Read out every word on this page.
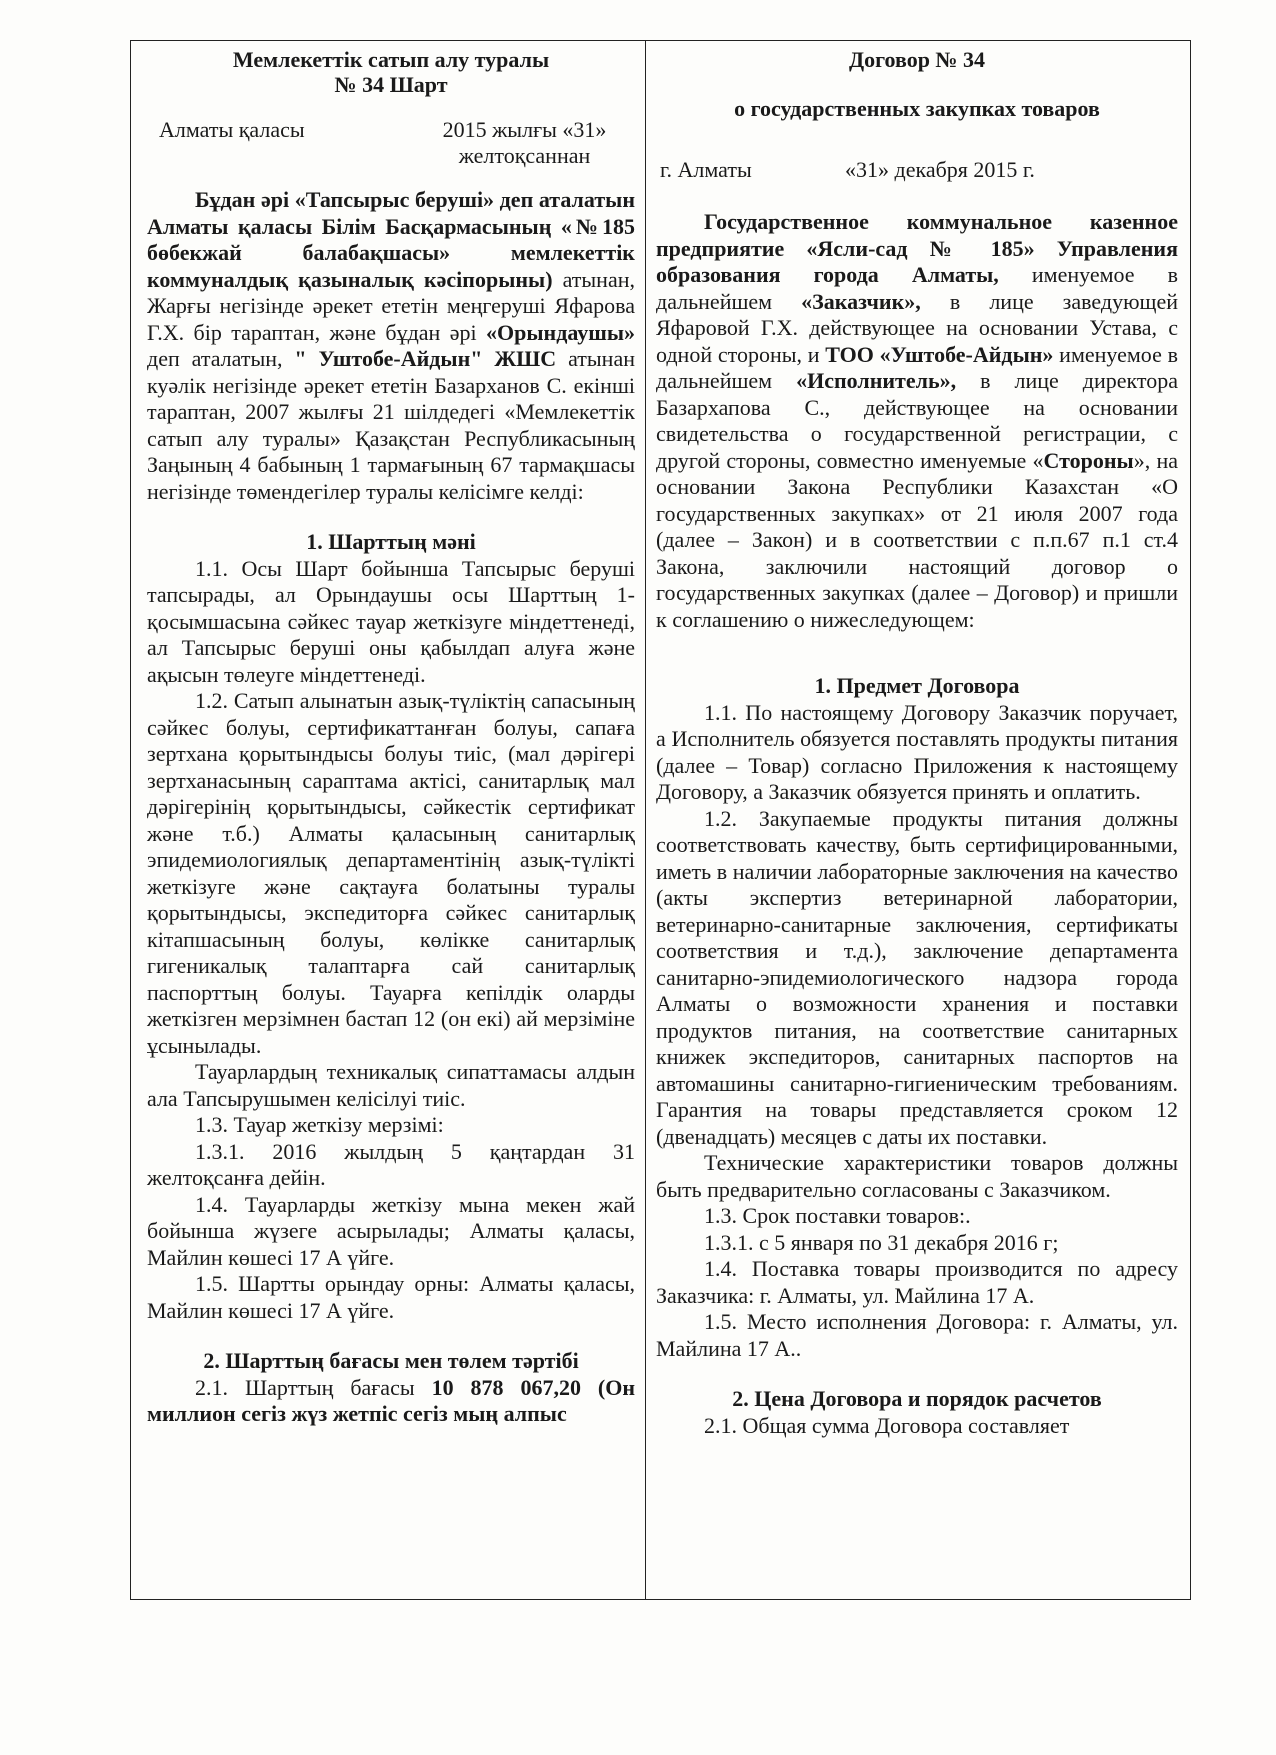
Мемлекеттік сатып алу туралы

№ 34 Шарт

Алматы қаласы	2015 жылғы «31»
желтоқсаннан

Бұдан әрі «Тапсырыс беруші» деп аталатын Алматы қаласы Білім Басқармасының «№185 бөбекжай балабақшасы» мемлекеттік коммуналдық қазыналық кәсіпорыны) атынан, Жарғы негізінде әрекет ететін меңгеруші Яфарова Г.Х. бір тараптан, және бұдан әрі «Орындаушы» деп аталатын, " Уштобе-Айдын" ЖШС атынан куәлік негізінде әрекет ететін Базарханов С. екінші тараптан, 2007 жылғы 21 шілдедегі «Мемлекеттік сатып алу туралы» Қазақстан Республикасының Заңының 4 бабының 1 тармағының 67 тармақшасы негізінде төмендегілер туралы келісімге келді:

1. Шарттың мәні

1.1. Осы Шарт бойынша Тапсырыс беруші тапсырады, ал Орындаушы осы Шарттың 1-қосымшасына сәйкес тауар жеткізуге міндеттенеді, ал Тапсырыс беруші оны қабылдап алуға және ақысын төлеуге міндеттенеді.

1.2. Сатып алынатын азық-түліктің сапасының сәйкес болуы, сертификаттанған болуы, сапаға зертхана қорытындысы болуы тиіс, (мал дәрігері зертханасының сараптама актісі, санитарлық мал дәрігерінің қорытындысы, сәйкестік сертификат және т.б.) Алматы қаласының санитарлық эпидемиологиялық департаментінің азық-түлікті жеткізуге және сақтауға болатыны туралы қорытындысы, экспедиторға сәйкес санитарлық кітапшасының болуы, көлікке санитарлық гигеникалық талаптарға сай санитарлық паспорттың болуы. Тауарға кепілдік оларды жеткізген мерзімнен бастап 12 (он екі) ай мерзіміне ұсынылады.

Тауарлардың техникалық сипаттамасы алдын ала Тапсырушымен келісілуі тиіс.

1.3. Тауар жеткізу мерзімі:

1.3.1. 2016 жылдың 5 қаңтардан 31 желтоқсанға дейін.

1.4. Тауарларды жеткізу мына мекен жай бойынша жүзеге асырылады; Алматы қаласы, Майлин көшесі 17 А үйге.

1.5. Шартты орындау орны: Алматы қаласы, Майлин көшесі 17 А үйге.

2. Шарттың бағасы мен төлем тәртібі

2.1. Шарттың бағасы 10 878 067,20 (Он миллион сегіз жүз жетпіс сегіз мың алпыс

Договор № 34

о государственных закупках товаров

г. Алматы	«31» декабря 2015 г.

Государственное коммунальное казенное предприятие «Ясли-сад № 185» Управления образования города Алматы, именуемое в дальнейшем «Заказчик», в лице заведующей Яфаровой Г.Х. действующее на основании Устава, с одной стороны, и ТОО «Уштобе-Айдын» именуемое в дальнейшем «Исполнитель», в лице директора Базархапова С., действующее на основании свидетельства о государственной регистрации, с другой стороны, совместно именуемые «Стороны», на основании Закона Республики Казахстан «О государственных закупках» от 21 июля 2007 года (далее – Закон) и в соответствии с п.п.67 п.1 ст.4 Закона, заключили настоящий договор о государственных закупках (далее – Договор) и пришли к соглашению о нижеследующем:

1. Предмет Договора

1.1. По настоящему Договору Заказчик поручает, а Исполнитель обязуется поставлять продукты питания (далее – Товар) согласно Приложения к настоящему Договору, а Заказчик обязуется принять и оплатить.

1.2. Закупаемые продукты питания должны соответствовать качеству, быть сертифицированными, иметь в наличии лабораторные заключения на качество (акты экспертиз ветеринарной лаборатории, ветеринарно-санитарные заключения, сертификаты соответствия и т.д.), заключение департамента санитарно-эпидемиологического надзора города Алматы о возможности хранения и поставки продуктов питания, на соответствие санитарных книжек экспедиторов, санитарных паспортов на автомашины санитарно-гигиеническим требованиям. Гарантия на товары представляется сроком 12 (двенадцать) месяцев с даты их поставки.

Технические характеристики товаров должны быть предварительно согласованы с Заказчиком.

1.3. Срок поставки товаров:.

1.3.1. с 5 января по 31 декабря 2016 г;

1.4. Поставка товары производится по адресу Заказчика: г. Алматы, ул. Майлина 17 А.

1.5. Место исполнения Договора: г. Алматы, ул. Майлина 17 А..

2. Цена Договора и порядок расчетов

2.1. Общая сумма Договора составляет
